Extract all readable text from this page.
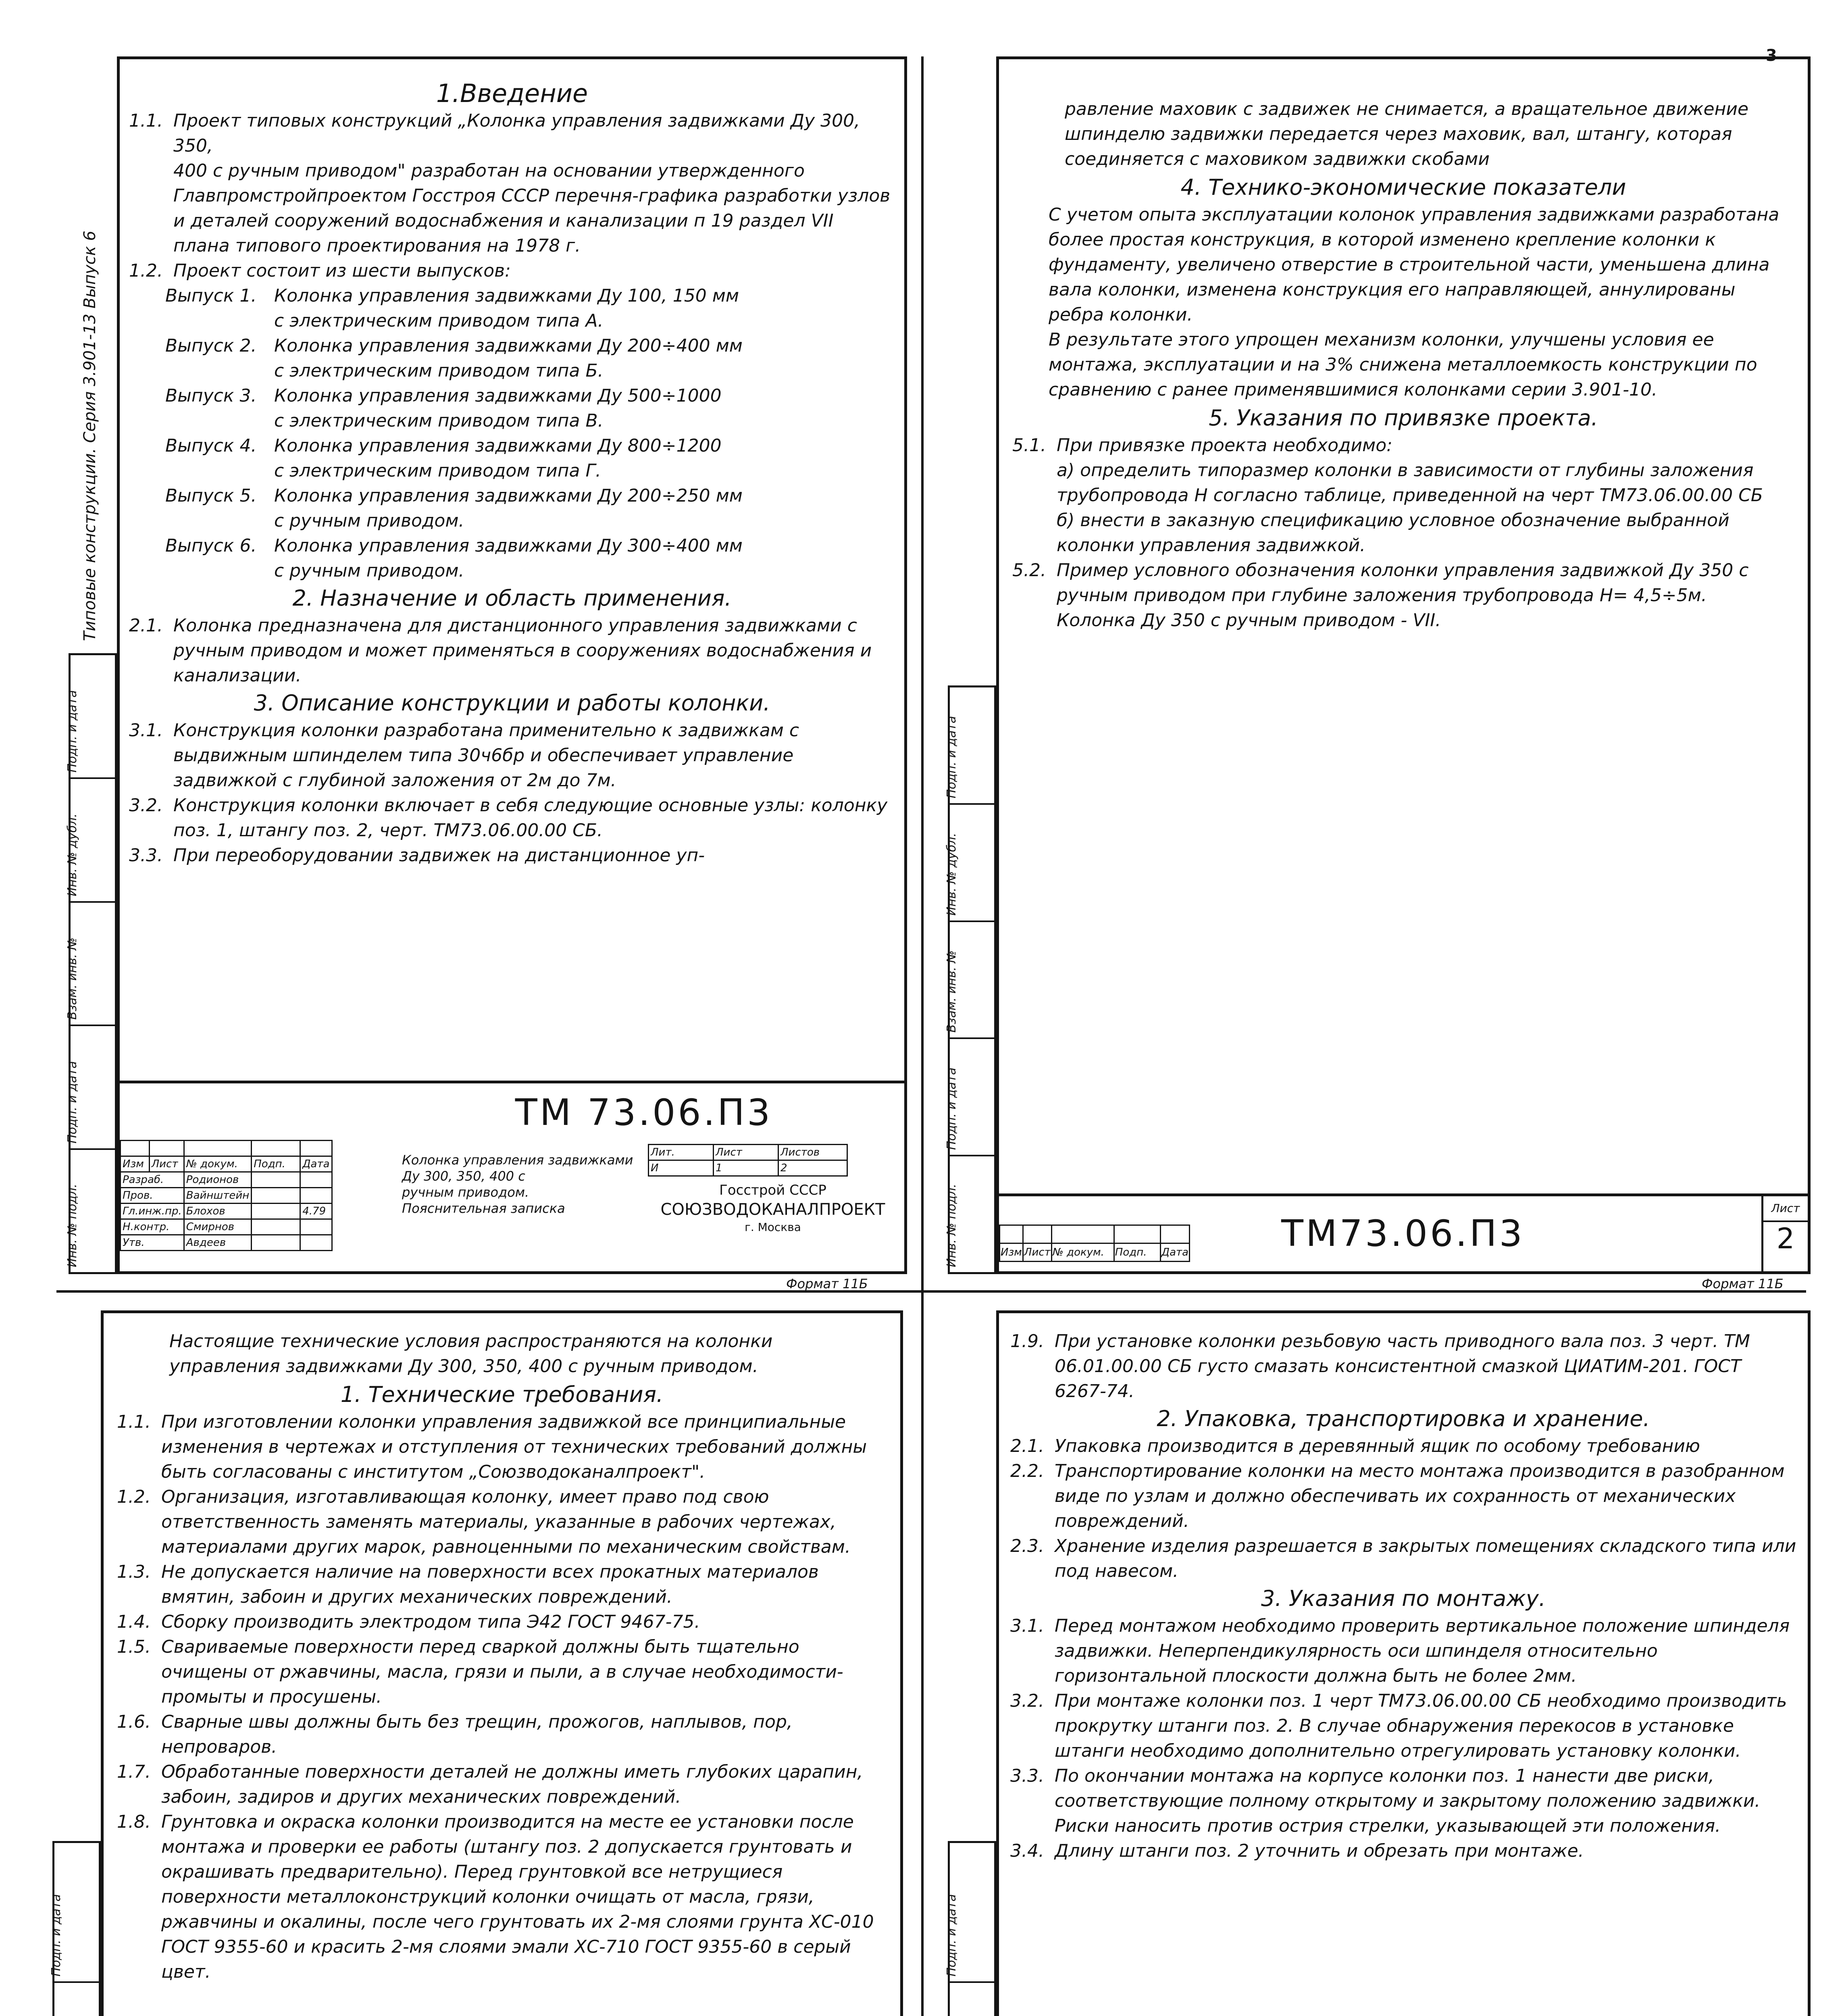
3
Типовые конструкции. Серия 3.901-13 Выпуск 6
Подп. и дата
Инв. № дубл.
Взам. инв. №
Подп. и дата
Инв. № подл.
1.Введение
1.1. Проект типовых конструкций „Колонка управления задвижками Ду 300, 350,
400 с ручным приводом" разработан на основании утвержденного Главпромстройпроектом Госстроя СССР перечня-графика разработки узлов и деталей сооружений водоснабжения и канализации п 19 раздел VII плана типового проектирования на 1978 г.
1.2. Проект состоит из шести выпусков:
Выпуск 1. Колонка управления задвижками Ду 100, 150 мм
с электрическим приводом типа А.
Выпуск 2. Колонка управления задвижками Ду 200÷400 мм
с электрическим приводом типа Б.
Выпуск 3. Колонка управления задвижками Ду 500÷1000
с электрическим приводом типа В.
Выпуск 4. Колонка управления задвижками Ду 800÷1200
с электрическим приводом типа Г.
Выпуск 5. Колонка управления задвижками Ду 200÷250 мм
с ручным приводом.
Выпуск 6. Колонка управления задвижками Ду 300÷400 мм
с ручным приводом.
2. Назначение и область применения.
2.1. Колонка предназначена для дистанционного управления задвижками с ручным приводом и может применяться в сооружениях водоснабжения и канализации.
3. Описание конструкции и работы колонки.
3.1. Конструкция колонки разработана применительно к задвижкам с выдвижным шпинделем типа 30ч6бр и обеспечивает управление задвижкой с глубиной заложения от 2м до 7м.
3.2. Конструкция колонки включает в себя следующие основные узлы: колонку поз. 1, штангу поз. 2, черт. ТМ73.06.00.00 СБ.
3.3. При переоборудовании задвижек на дистанционное уп-

Изм	Лист	№ докум.	Подп.	Дата
Разраб.		Родионов		
Пров.		Вайнштейн		
Гл.инж.пр.		Блохов		4.79
Н.контр.		Смирнов		
Утв.		Авдеев		
ТМ 73.06.П3
Колонка управления задвижками Ду 300, 350, 400 с
ручным приводом.
Пояснительная записка
Лит.	Лист	Листов
И	1	2
Госстрой СССР
СОЮЗВОДОКАНАЛПРОЕКТ
г. Москва
Формат 11Б
Подп. и дата
Инв. № дубл.
Взам. инв. №
Подп. и дата
Инв. № подл.
равление маховик с задвижек не снимается, а вращательное движение шпинделю задвижки передается через маховик, вал, штангу, которая соединяется с маховиком задвижки скобами
4. Технико-экономические показатели
С учетом опыта эксплуатации колонок управления задвижками разработана более простая конструкция, в которой изменено крепление колонки к фундаменту, увеличено отверстие в строительной части, уменьшена длина вала колонки, изменена конструкция его направляющей, аннулированы ребра колонки.
В результате этого упрощен механизм колонки, улучшены условия ее монтажа, эксплуатации и на 3% снижена металлоемкость конструкции по сравнению с ранее применявшимися колонками серии 3.901-10.
5. Указания по привязке проекта.
5.1. При привязке проекта необходимо:
а) определить типоразмер колонки в зависимости от глубины заложения трубопровода Н согласно таблице, приведенной на черт ТМ73.06.00.00 СБ
б) внести в заказную спецификацию условное обозначение выбранной колонки управления задвижкой.
5.2. Пример условного обозначения колонки управления задвижкой Ду 350 с ручным приводом при глубине заложения трубопровода Н= 4,5÷5м.
Колонка Ду 350 с ручным приводом - VII.

Изм	Лист	№ докум.	Подп.	Дата	ТМ73.06.П3
Лист
2
Формат 11Б
Подп. и дата
Настоящие технические условия распространяются на колонки управления задвижками Ду 300, 350, 400 с ручным приводом.
1. Технические требования.
1.1. При изготовлении колонки управления задвижкой все принципиальные изменения в чертежах и отступления от технических требований должны быть согласованы с институтом „Союзводоканалпроект".
1.2. Организация, изготавливающая колонку, имеет право под свою ответственность заменять материалы, указанные в рабочих чертежах, материалами других марок, равноценными по механическим свойствам.
1.3. Не допускается наличие на поверхности всех прокатных материалов вмятин, забоин и других механических повреждений.
1.4. Сборку производить электродом типа Э42 ГОСТ 9467-75.
1.5. Свариваемые поверхности перед сваркой должны быть тщательно очищены от ржавчины, масла, грязи и пыли, а в случае необходимости-промыты и просушены.
1.6. Сварные швы должны быть без трещин, прожогов, наплывов, пор, непроваров.
1.7. Обработанные поверхности деталей не должны иметь глубоких царапин, забоин, задиров и других механических повреждений.
1.8. Грунтовка и окраска колонки производится на месте ее установки после монтажа и проверки ее работы (штангу поз. 2 допускается грунтовать и окрашивать предварительно). Перед грунтовкой все нетрущиеся поверхности металлоконструкций колонки очищать от масла, грязи, ржавчины и окалины, после чего грунтовать их 2-мя слоями грунта ХС-010 ГОСТ 9355-60 и красить 2-мя слоями эмали ХС-710 ГОСТ 9355-60 в серый цвет.

			Подп. и дата
1.9. При установке колонки резьбовую часть приводного вала поз. 3 черт. ТМ 06.01.00.00 СБ густо смазать консистентной смазкой ЦИАТИМ-201. ГОСТ 6267-74.
2. Упаковка, транспортировка и хранение.
2.1. Упаковка производится в деревянный ящик по особому требованию
2.2. Транспортирование колонки на место монтажа производится в разобранном виде по узлам и должно обеспечивать их сохранность от механических повреждений.
2.3. Хранение изделия разрешается в закрытых помещениях складского типа или под навесом.
3. Указания по монтажу.
3.1. Перед монтажом необходимо проверить вертикальное положение шпинделя задвижки. Неперпендикулярность оси шпинделя относительно горизонтальной плоскости должна быть не более 2мм.
3.2. При монтаже колонки поз. 1 черт ТМ73.06.00.00 СБ необходимо производить прокрутку штанги поз. 2. В случае обнаружения перекосов в установке штанги необходимо дополнительно отрегулировать установку колонки.
3.3. По окончании монтажа на корпусе колонки поз. 1 нанести две риски, соответствующие полному открытому и закрытому положению задвижки. Риски наносить против острия стрелки, указывающей эти положения.
3.4. Длину штанги поз. 2 уточнить и обрезать при монтаже.
